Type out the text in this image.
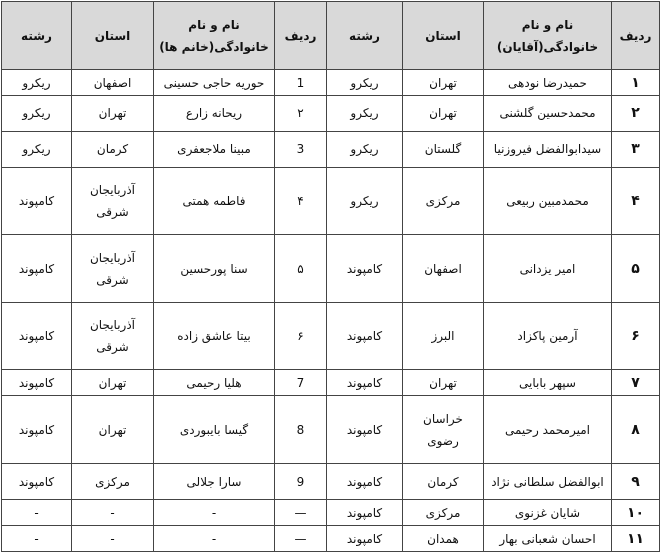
ردیف	نام و نام خانوادگی(آقایان)	استان	رشته	ردیف	نام و نام خانوادگی(خانم ها)	استان	رشته
۱	حمیدرضا نودهی	تهران	ریکرو	1	حوریه حاجی حسینی	اصفهان	ریکرو
۲	محمدحسین گلشنی	تهران	ریکرو	۲	ریحانه زارع	تهران	ریکرو
۳	سیدابوالفضل فیروزنیا	گلستان	ریکرو	3	مبینا ملاجعفری	کرمان	ریکرو
۴	محمدمبین ربیعی	مرکزی	ریکرو	۴	فاطمه همتی	آذربایجان شرقی	کامپوند
۵	امیر یزدانی	اصفهان	کامپوند	۵	سنا پورحسین	آذربایجان شرقی	کامپوند
۶	آرمین پاکزاد	البرز	کامپوند	۶	بیتا عاشق زاده	آذربایجان شرقی	کامپوند
۷	سپهر بابایی	تهران	کامپوند	7	هلیا رحیمی	تهران	کامپوند
۸	امیرمحمد رحیمی	خراسان رضوی	کامپوند	8	گیسا بایبوردی	تهران	کامپوند
۹	ابوالفضل سلطانی نژاد	کرمان	کامپوند	9	سارا جلالی	مرکزی	کامپوند
۱۰	شایان غزنوی	مرکزی	کامپوند	—	-	-	-
۱۱	احسان شعبانی بهار	همدان	کامپوند	—	-	-	-
